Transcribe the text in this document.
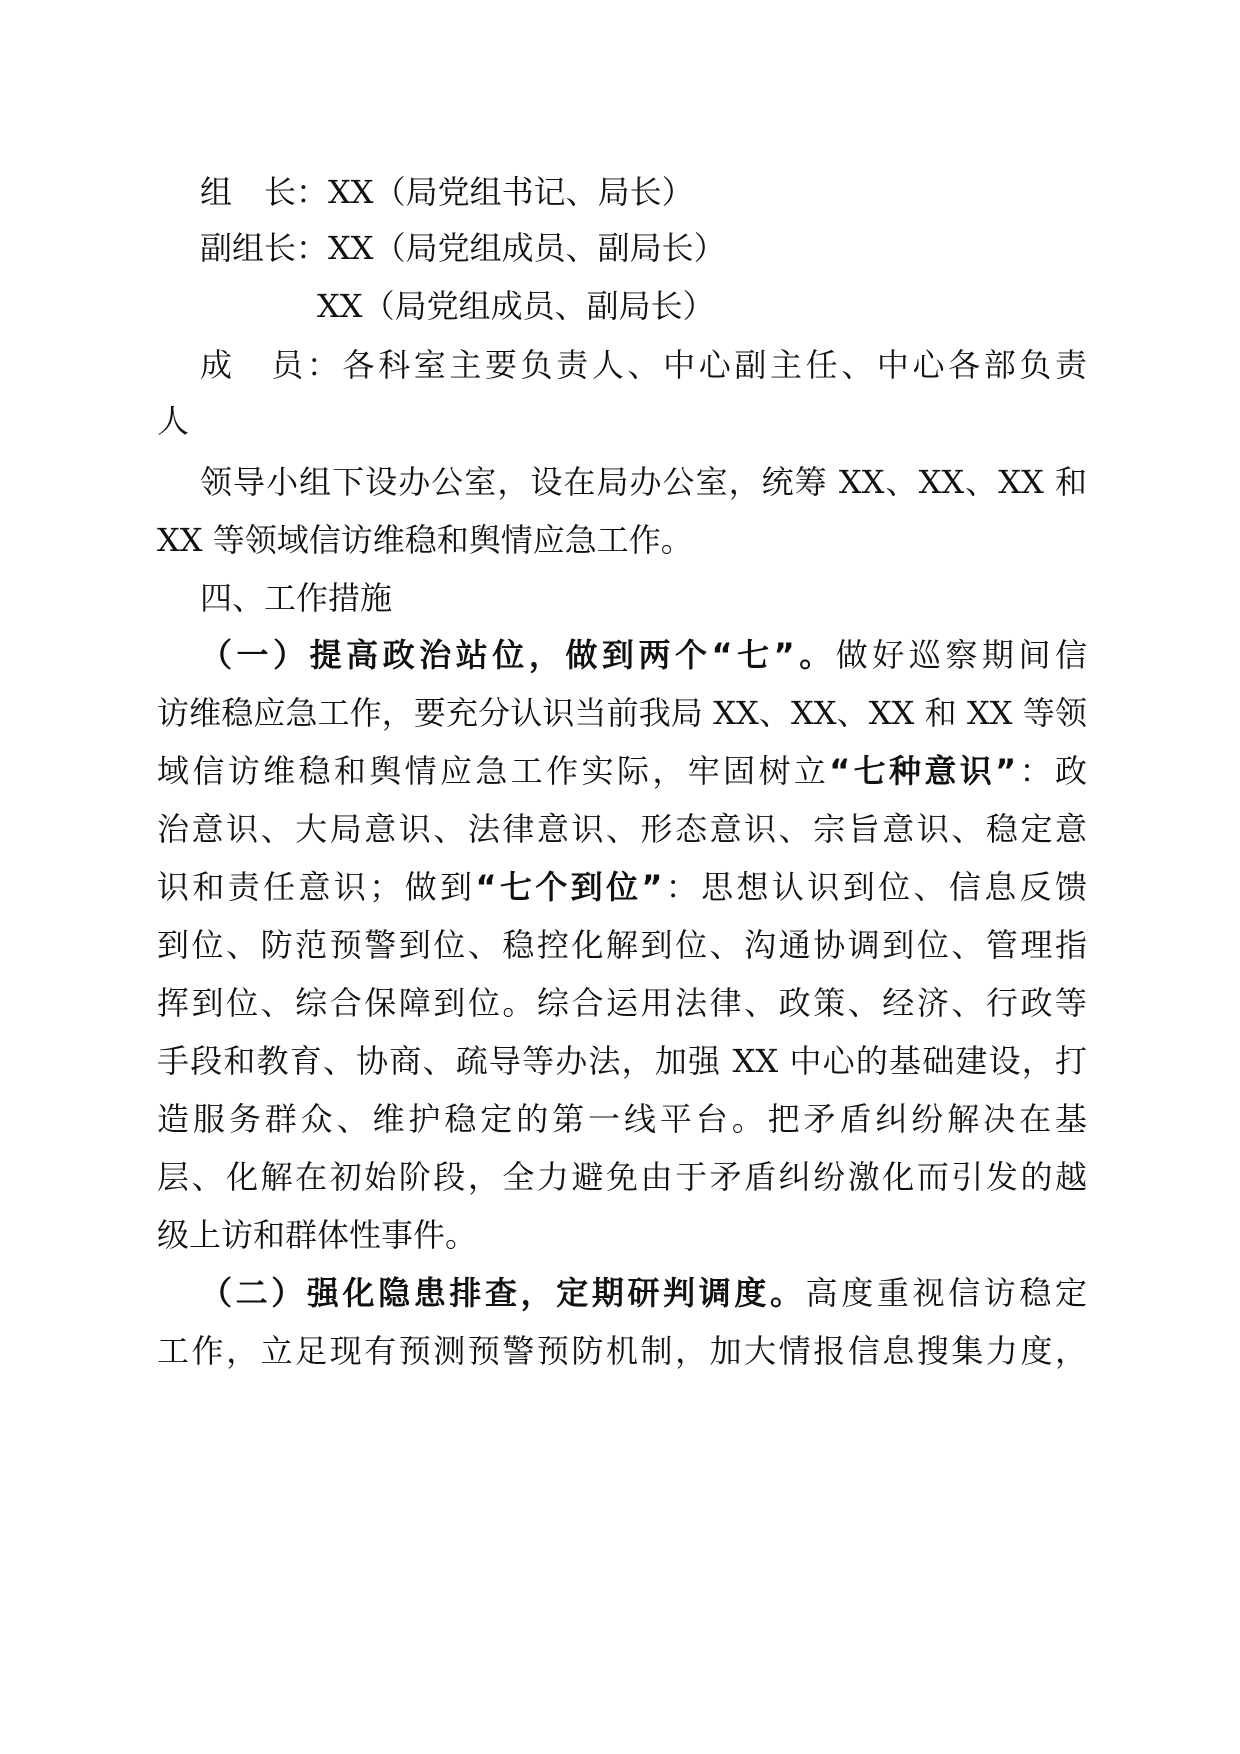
组　长：XX（局党组书记、局长）
副组长：XX（局党组成员、副局长）
XX（局党组成员、副局长）
成　员：各科室主要负责人、中心副主任、中心各部负责
人
领导小组下设办公室，设在局办公室，统筹 XX、XX、XX 和
XX 等领域信访维稳和舆情应急工作。
四、工作措施
（一）提高政治站位，做到两个“七”。做好巡察期间信
访维稳应急工作，要充分认识当前我局 XX、XX、XX 和 XX 等领
域信访维稳和舆情应急工作实际，牢固树立“七种意识”：政
治意识、大局意识、法律意识、形态意识、宗旨意识、稳定意
识和责任意识；做到“七个到位”：思想认识到位、信息反馈
到位、防范预警到位、稳控化解到位、沟通协调到位、管理指
挥到位、综合保障到位。综合运用法律、政策、经济、行政等
手段和教育、协商、疏导等办法，加强 XX 中心的基础建设，打
造服务群众、维护稳定的第一线平台。把矛盾纠纷解决在基
层、化解在初始阶段，全力避免由于矛盾纠纷激化而引发的越
级上访和群体性事件。
（二）强化隐患排查，定期研判调度。高度重视信访稳定
工作，立足现有预测预警预防机制，加大情报信息搜集力度，
